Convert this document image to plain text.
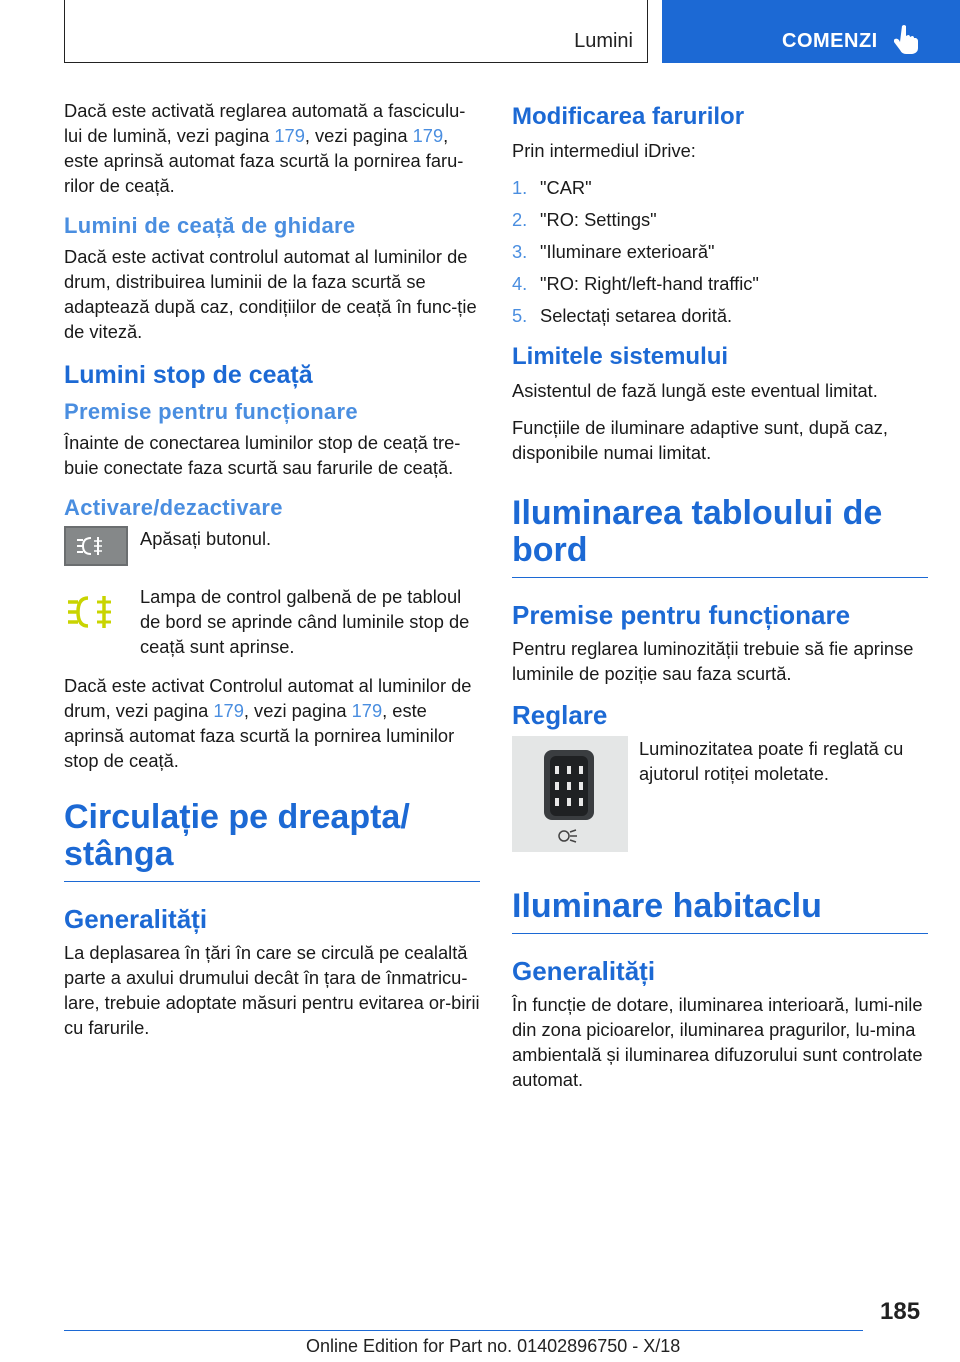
Lumini	COMENZI

Dacă este activată reglarea automată a fasciculu-lui de lumină, vezi pagina 179, vezi pagina 179, este aprinsă automat faza scurtă la pornirea faru-rilor de ceață.

Lumini de ceață de ghidare

Dacă este activat controlul automat al luminilor de drum, distribuirea luminii de la faza scurtă se adaptează după caz, condițiilor de ceață în func-ție de viteză.

Lumini stop de ceață
Premise pentru funcționare

Înainte de conectarea luminilor stop de ceață tre-buie conectate faza scurtă sau farurile de ceață.

Activare/dezactivare

Apăsați butonul.

Lampa de control galbenă de pe tabloul de bord se aprinde când luminile stop de ceață sunt aprinse.

Dacă este activat Controlul automat al luminilor de drum, vezi pagina 179, vezi pagina 179, este aprinsă automat faza scurtă la pornirea luminilor stop de ceață.

Circulație pe dreapta/ stânga
Generalități

La deplasarea în țări în care se circulă pe cealaltă parte a axului drumului decât în țara de înmatricu-lare, trebuie adoptate măsuri pentru evitarea or-birii cu farurile.

Modificarea farurilor

Prin intermediul iDrive:

1. "CAR"
2. "RO: Settings"
3. "Iluminare exterioară"
4. "RO: Right/left-hand traffic"
5. Selectați setarea dorită.
Limitele sistemului

Asistentul de fază lungă este eventual limitat.

Funcțiile de iluminare adaptive sunt, după caz, disponibile numai limitat.

Iluminarea tabloului de bord
Premise pentru funcționare

Pentru reglarea luminozității trebuie să fie aprinse luminile de poziție sau faza scurtă.

Reglare

Luminozitatea poate fi reglată cu ajutorul rotiței moletate.

Iluminare habitaclu
Generalități

În funcție de dotare, iluminarea interioară, lumi-nile din zona picioarelor, iluminarea pragurilor, lu-mina ambientală și iluminarea difuzorului sunt controlate automat.

185
Online Edition for Part no. 01402896750 - X/18
